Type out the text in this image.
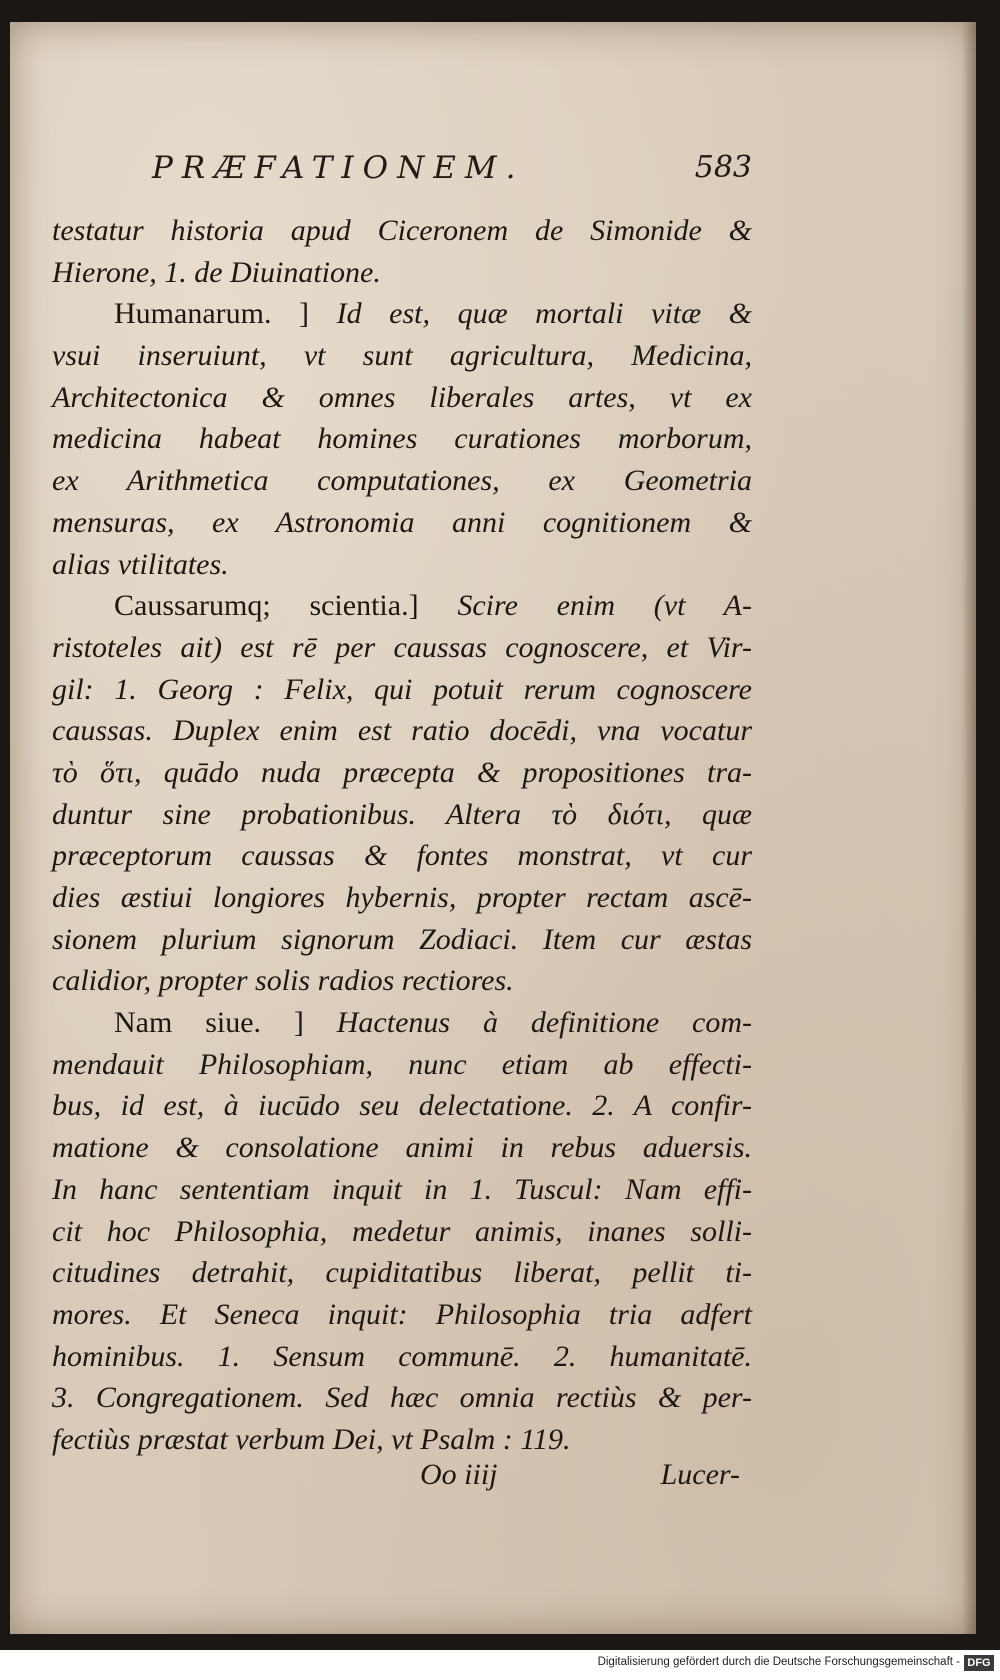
PRÆFATIONEM.	583
testatur historia apud Ciceronem de Simonide &
Hierone, 1. de Diuinatione.
Humanarum. ] Id est, quæ mortali vitæ &
vsui inseruiunt, vt sunt agricultura, Medicina,
Architectonica & omnes liberales artes, vt ex
medicina habeat homines curationes morborum,
ex Arithmetica computationes, ex Geometria
mensuras, ex Astronomia anni cognitionem &
alias vtilitates.
Caussarumq; scientia.] Scire enim (vt A-
ristoteles ait) est rē per caussas cognoscere, et Vir-
gil: 1. Georg : Felix, qui potuit rerum cognoscere
caussas. Duplex enim est ratio docēdi, vna vocatur
τὸ ὅτι, quādo nuda præcepta & propositiones tra-
duntur sine probationibus. Altera τὸ διότι, quæ
præceptorum caussas & fontes monstrat, vt cur
dies æstiui longiores hybernis, propter rectam ascē-
sionem plurium signorum Zodiaci. Item cur æstas
calidior, propter solis radios rectiores.
Nam siue. ] Hactenus à definitione com-
mendauit Philosophiam, nunc etiam ab effecti-
bus, id est, à iucūdo seu delectatione. 2. A confir-
matione & consolatione animi in rebus aduersis.
In hanc sententiam inquit in 1. Tuscul: Nam effi-
cit hoc Philosophia, medetur animis, inanes solli-
citudines detrahit, cupiditatibus liberat, pellit ti-
mores. Et Seneca inquit: Philosophia tria adfert
hominibus. 1. Sensum communē. 2. humanitatē.
3. Congregationem. Sed hæc omnia rectiùs & per-
fectiùs præstat verbum Dei, vt Psalm : 119.
Oo iiij	Lucer-
Digitalisierung gefördert durch die Deutsche Forschungsgemeinschaft - DFG
